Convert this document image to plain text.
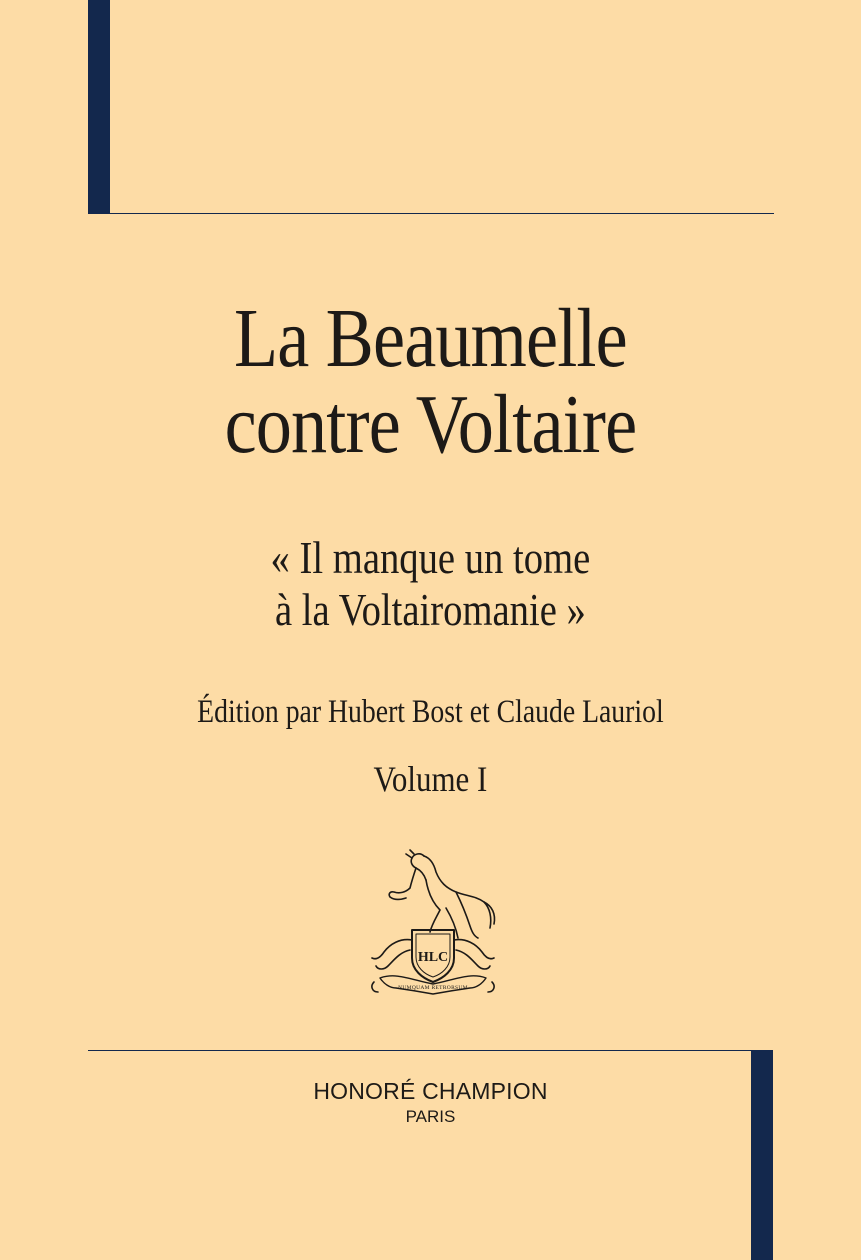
La Beaumelle
contre Voltaire
« Il manque un tome
à la Voltairomanie »
Édition par Hubert Bost et Claude Lauriol
Volume I
HLC
NUMQUAM RETRORSUM
HONORÉ CHAMPION
PARIS
